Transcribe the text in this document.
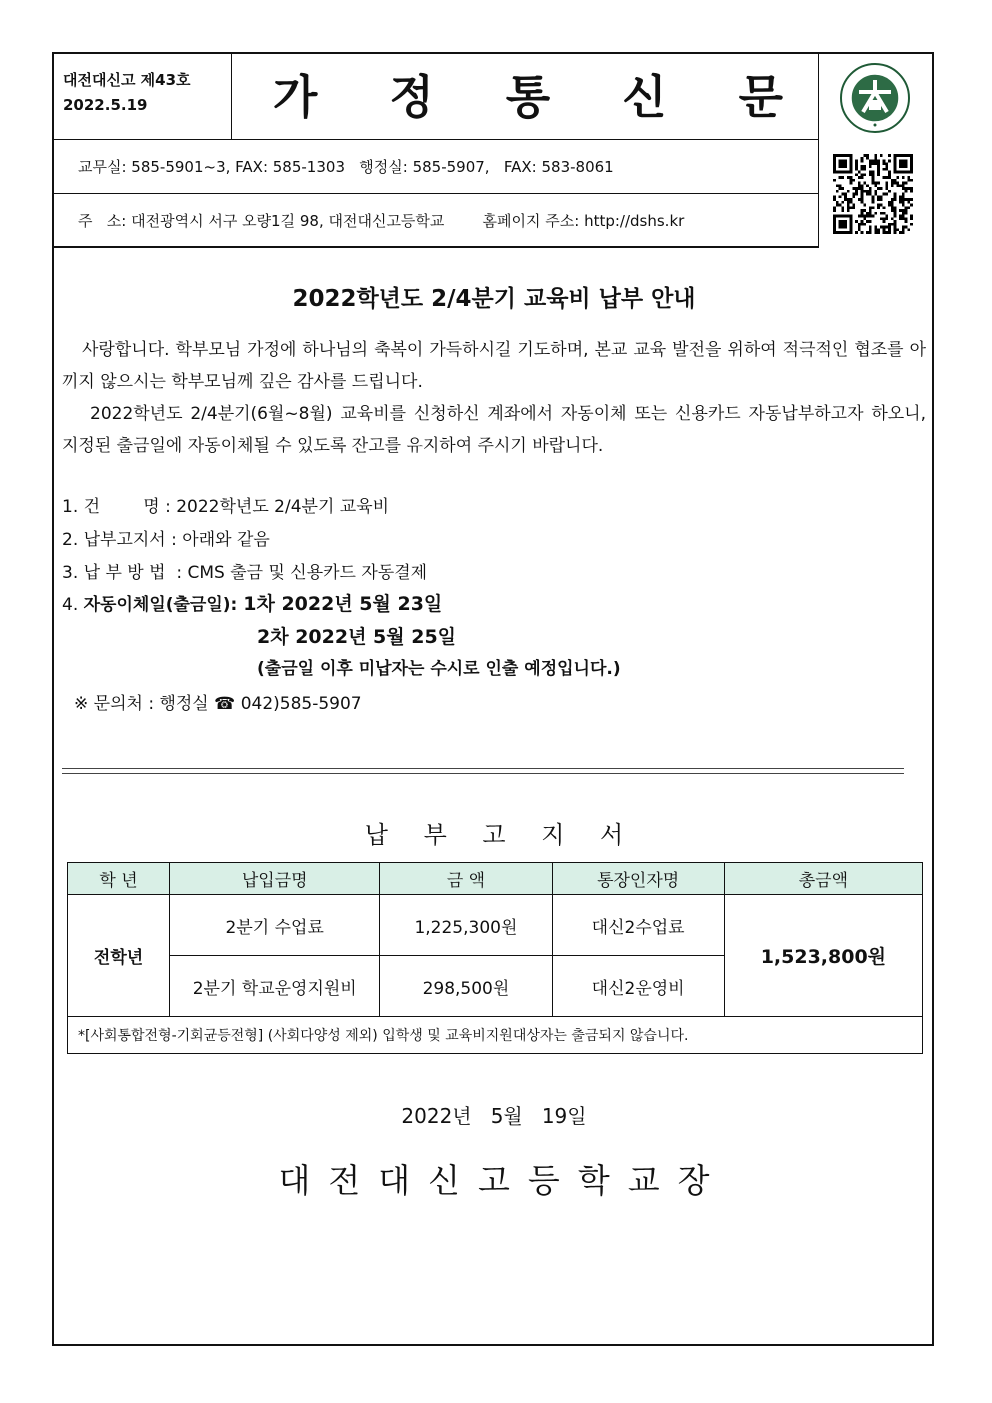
대전대신고 제43호
2022.5.19	가 정 통 신 문
교무실: 585-5901~3, FAX: 585-1303   행정실: 585-5907,   FAX: 583-8061
주   소: 대전광역시 서구 오량1길 98, 대전대신고등학교        홈페이지 주소: http://dshs.kr
2022학년도 2/4분기 교육비 납부 안내
사랑합니다. 학부모님 가정에 하나님의 축복이 가득하시길 기도하며, 본교 교육 발전을 위하여 적극적인 협조를 아끼지 않으시는 학부모님께 깊은 감사를 드립니다.
2022학년도 2/4분기(6월~8월) 교육비를 신청하신 계좌에서 자동이체 또는 신용카드 자동납부하고자 하오니, 지정된 출금일에 자동이체될 수 있도록 잔고를 유지하여 주시기 바랍니다.
1. 건        명 : 2022학년도 2/4분기 교육비
2. 납부고지서 : 아래와 같음
3. 납 부 방 법  : CMS 출금 및 신용카드 자동결제
4. 자동이체일(출금일): 1차 2022년 5월 23일
2차 2022년 5월 25일
(출금일 이후 미납자는 수시로 인출 예정입니다.)
※ 문의처 : 행정실 ☎ 042)585-5907
납 부 고 지 서
학 년	납입금명	금 액	통장인자명	총금액
전학년	2분기 수업료	1,225,300원	대신2수업료	1,523,800원
	2분기 학교운영지원비	298,500원	대신2운영비	
*[사회통합전형-기회균등전형] (사회다양성 제외) 입학생 및 교육비지원대상자는 출금되지 않습니다.				
2022년   5월   19일
대전대신고등학교장
